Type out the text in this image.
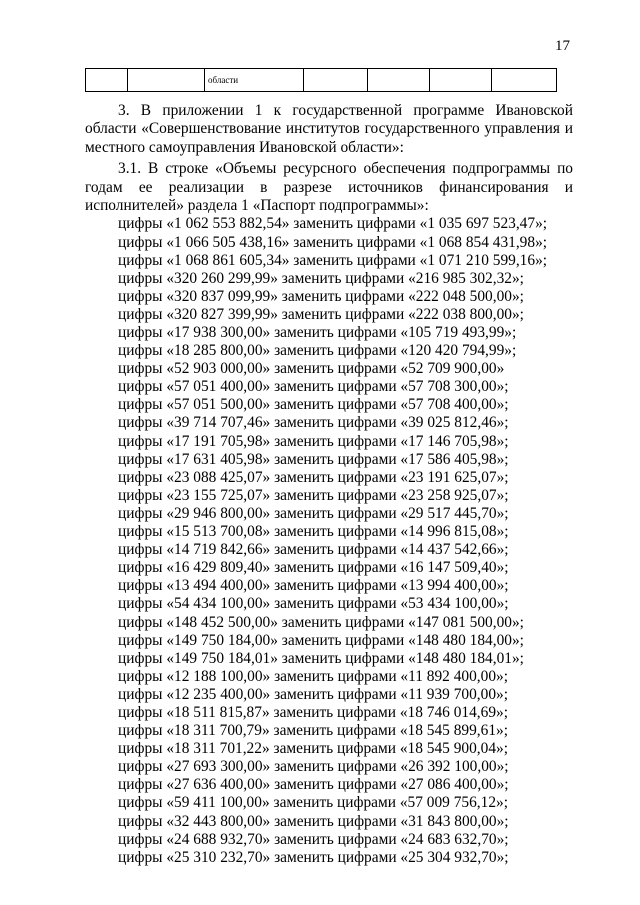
17
		области				

3. В приложении 1 к государственной программе Ивановской области «Совершенствование институтов государственного управления и местного самоуправления Ивановской области»:

3.1. В строке «Объемы ресурсного обеспечения подпрограммы по годам ее реализации в разрезе источников финансирования и исполнителей» раздела 1 «Паспорт подпрограммы»:

цифры «1 062 553 882,54» заменить цифрами «1 035 697 523,47»;
цифры «1 066 505 438,16» заменить цифрами «1 068 854 431,98»;
цифры «1 068 861 605,34» заменить цифрами «1 071 210 599,16»;
цифры «320 260 299,99» заменить цифрами «216 985 302,32»;
цифры «320 837 099,99» заменить цифрами «222 048 500,00»;
цифры «320 827 399,99» заменить цифрами «222 038 800,00»;
цифры «17 938 300,00» заменить цифрами «105 719 493,99»;
цифры «18 285 800,00» заменить цифрами «120 420 794,99»;
цифры «52 903 000,00» заменить цифрами «52 709 900,00»
цифры «57 051 400,00» заменить цифрами «57 708 300,00»;
цифры «57 051 500,00» заменить цифрами «57 708 400,00»;
цифры «39 714 707,46» заменить цифрами «39 025 812,46»;
цифры «17 191 705,98» заменить цифрами «17 146 705,98»;
цифры «17 631 405,98» заменить цифрами «17 586 405,98»;
цифры «23 088 425,07» заменить цифрами «23 191 625,07»;
цифры «23 155 725,07» заменить цифрами «23 258 925,07»;
цифры «29 946 800,00» заменить цифрами «29 517 445,70»;
цифры «15 513 700,08» заменить цифрами «14 996 815,08»;
цифры «14 719 842,66» заменить цифрами «14 437 542,66»;
цифры «16 429 809,40» заменить цифрами «16 147 509,40»;
цифры «13 494 400,00» заменить цифрами «13 994 400,00»;
цифры «54 434 100,00» заменить цифрами «53 434 100,00»;
цифры «148 452 500,00» заменить цифрами «147 081 500,00»;
цифры «149 750 184,00» заменить цифрами «148 480 184,00»;
цифры «149 750 184,01» заменить цифрами «148 480 184,01»;
цифры «12 188 100,00» заменить цифрами «11 892 400,00»;
цифры «12 235 400,00» заменить цифрами «11 939 700,00»;
цифры «18 511 815,87» заменить цифрами «18 746 014,69»;
цифры «18 311 700,79» заменить цифрами «18 545 899,61»;
цифры «18 311 701,22» заменить цифрами «18 545 900,04»;
цифры «27 693 300,00» заменить цифрами «26 392 100,00»;
цифры «27 636 400,00» заменить цифрами «27 086 400,00»;
цифры «59 411 100,00» заменить цифрами «57 009 756,12»;
цифры «32 443 800,00» заменить цифрами «31 843 800,00»;
цифры «24 688 932,70» заменить цифрами «24 683 632,70»;
цифры «25 310 232,70» заменить цифрами «25 304 932,70»;
